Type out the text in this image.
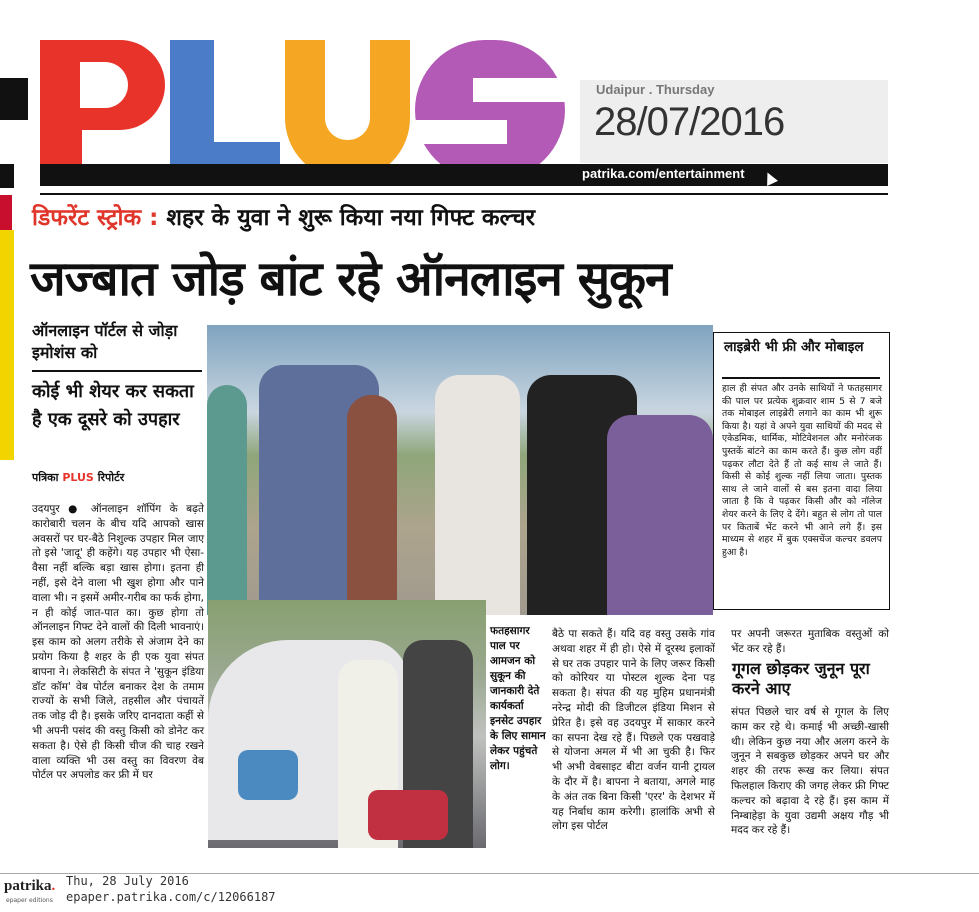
Udaipur . Thursday
28/07/2016
patrika.com/entertainment
डिफरेंट स्ट्रोक : शहर के युवा ने शुरू किया नया गिफ्ट कल्चर
जज्बात जोड़ बांट रहे ऑनलाइन सुकून
ऑनलाइन पॉर्टल से जोड़ा इमोशंस को
कोई भी शेयर कर सकता है एक दूसरे को उपहार
पत्रिका PLUS रिपोर्टर
उदयपुर ● ऑनलाइन शॉपिंग के बढ़ते कारोबारी चलन के बीच यदि आपको खास अवसरों पर घर-बैठे निशुल्क उपहार मिल जाए तो इसे 'जादू' ही कहेंगे। यह उपहार भी ऐसा-वैसा नहीं बल्कि बड़ा खास होगा। इतना ही नहीं, इसे देने वाला भी खुश होगा और पाने वाला भी। न इसमें अमीर-गरीब का फर्क होगा, न ही कोई जात-पात का। कुछ होगा तो ऑनलाइन गिफ्ट देने वालों की दिली भावनाएं। इस काम को अलग तरीके से अंजाम देने का प्रयोग किया है शहर के ही एक युवा संपत बापना ने। लेकसिटी के संपत ने 'सुकून इंडिया डॉट कॉम' वेब पोर्टल बनाकर देश के तमाम राज्यों के सभी जिले, तहसील और पंचायतें तक जोड़ दी है। इसके जरिए दानदाता कहीं से भी अपनी पसंद की वस्तु किसी को डोनेट कर सकता है। ऐसे ही किसी चीज की चाह रखने वाला व्यक्ति भी उस वस्तु का विवरण वेब पोर्टल पर अपलोड कर फ्री में घर
फतहसागर पाल पर आमजन को सुकून की जानकारी देते कार्यकर्ता इनसेट उपहार के लिए सामान लेकर पहुंचते लोग।
बैठे पा सकते हैं। यदि वह वस्तु उसके गांव अथवा शहर में ही हो। ऐसे में दूरस्थ इलाकों से घर तक उपहार पाने के लिए जरूर किसी को कोरियर या पोस्टल शुल्क देना पड़ सकता है। संपत की यह मुहिम प्रधानमंत्री नरेन्द्र मोदी की डिजीटल इंडिया मिशन से प्रेरित है। इसे वह उदयपुर में साकार करने का सपना देख रहे हैं। पिछले एक पखवाड़े से योजना अमल में भी आ चुकी है। फिर भी अभी वेबसाइट बीटा वर्जन यानी ट्रायल के दौर में है। बापना ने बताया, अगले माह के अंत तक बिना किसी 'एरर' के देशभर में यह निर्बाध काम करेगी। हालांकि अभी से लोग इस पोर्टल
पर अपनी जरूरत मुताबिक वस्तुओं को भेंट कर रहे हैं।
गूगल छोड़कर जुनून पूरा करने आए
संपत पिछले चार वर्ष से गूगल के लिए काम कर रहे थे। कमाई भी अच्छी-खासी थी। लेकिन कुछ नया और अलग करने के जुनून ने सबकुछ छोड़कर अपने घर और शहर की तरफ रूख कर लिया। संपत फिलहाल किराए की जगह लेकर फ्री गिफ्ट कल्चर को बढ़ावा दे रहे हैं। इस काम में निम्बाहेड़ा के युवा उद्यमी अक्षय गौड़ भी मदद कर रहे हैं।
लाइब्रेरी भी फ्री और मोबाइल
हाल ही संपत और उनके साथियों ने फतहसागर की पाल पर प्रत्येक शुक्रवार शाम 5 से 7 बजे तक मोबाइल लाइब्रेरी लगाने का काम भी शुरू किया है। यहां वे अपने युवा साथियों की मदद से एकेडमिक, धार्मिक, मोटिवेशनल और मनोरंजक पुस्तकें बांटने का काम करते हैं। कुछ लोग वहीं पढ़कर लौटा देते हैं तो कई साथ ले जाते हैं। किसी से कोई शुल्क नहीं लिया जाता। पुस्तक साथ ले जाने वालों से बस इतना वादा लिया जाता है कि वे पढ़कर किसी और को नॉलेज शेयर करने के लिए दे देंगे। बहुत से लोग तो पाल पर किताबें भेंट करने भी आने लगे हैं। इस माध्यम से शहर में बुक एक्सचेंज कल्चर डवलप हुआ है।
patrika.
epaper editions
Thu, 28 July 2016
epaper.patrika.com/c/12066187
